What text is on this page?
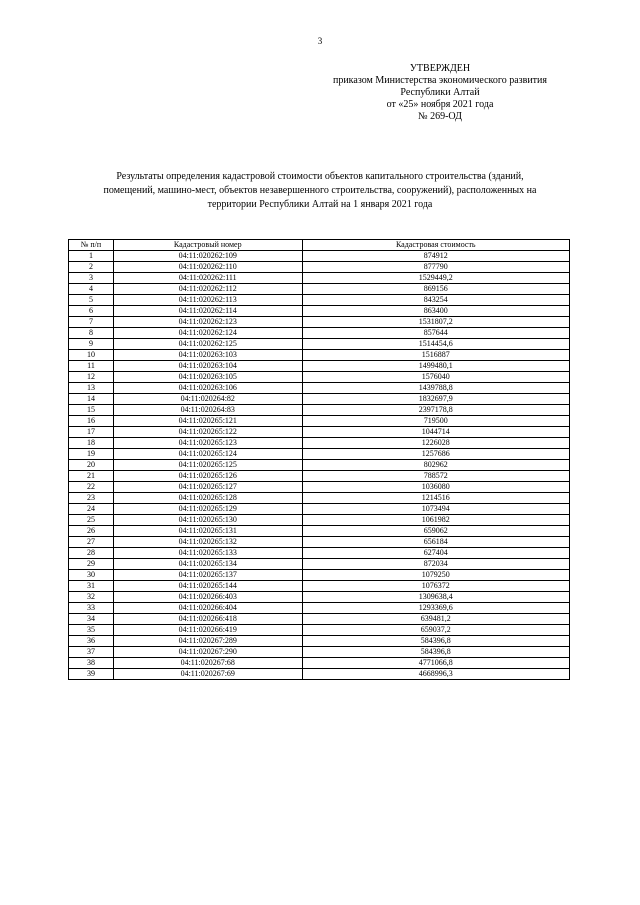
3
УТВЕРЖДЕН
приказом Министерства экономического развития
Республики Алтай
от «25» ноября 2021 года
№ 269-ОД
Результаты определения кадастровой стоимости объектов капитального строительства (зданий,
помещений, машино-мест, объектов незавершенного строительства, сооружений), расположенных на
территории Республики Алтай на 1 января 2021 года
№ п/п	Кадастровый номер	Кадастровая стоимость
1	04:11:020262:109	874912
2	04:11:020262:110	877790
3	04:11:020262:111	1529449,2
4	04:11:020262:112	869156
5	04:11:020262:113	843254
6	04:11:020262:114	863400
7	04:11:020262:123	1531807,2
8	04:11:020262:124	857644
9	04:11:020262:125	1514454,6
10	04:11:020263:103	1516887
11	04:11:020263:104	1499480,1
12	04:11:020263:105	1576040
13	04:11:020263:106	1439788,8
14	04:11:020264:82	1832697,9
15	04:11:020264:83	2397178,8
16	04:11:020265:121	719500
17	04:11:020265:122	1044714
18	04:11:020265:123	1226028
19	04:11:020265:124	1257686
20	04:11:020265:125	802962
21	04:11:020265:126	788572
22	04:11:020265:127	1036080
23	04:11:020265:128	1214516
24	04:11:020265:129	1073494
25	04:11:020265:130	1061982
26	04:11:020265:131	659062
27	04:11:020265:132	656184
28	04:11:020265:133	627404
29	04:11:020265:134	872034
30	04:11:020265:137	1079250
31	04:11:020265:144	1076372
32	04:11:020266:403	1309638,4
33	04:11:020266:404	1293369,6
34	04:11:020266:418	639481,2
35	04:11:020266:419	659037,2
36	04:11:020267:289	584396,8
37	04:11:020267:290	584396,8
38	04:11:020267:68	4771066,8
39	04:11:020267:69	4668996,3
